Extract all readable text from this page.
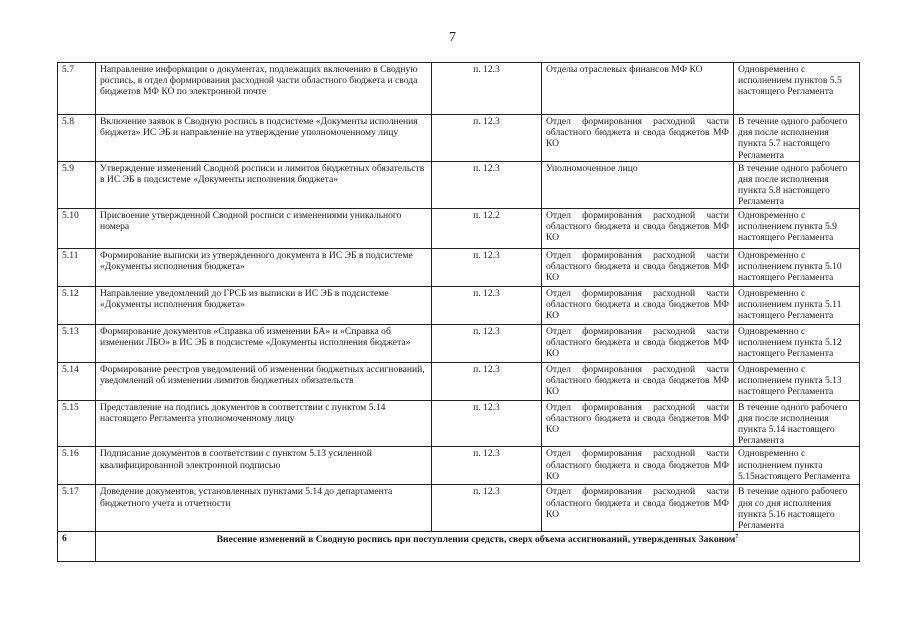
7
5.7	Направление информации о документах, подлежащих включению в Сводную роспись, в отдел формирования расходной части областного бюджета и свода бюджетов МФ КО по электронной почте	п. 12.3	Отделы отраслевых финансов МФ КО	Одновременно с исполнением пунктов 5.5 настоящего Регламента
5.8	Включение заявок в Сводную роспись в подсистеме «Документы исполнения бюджета» ИС ЭБ и направление на утверждение уполномоченному лицу	п. 12.3	Отдел формирования расходной части областного бюджета и свода бюджетов МФ КО	В течение одного рабочего дня после исполнения пункта 5.7 настоящего Регламента
5.9	Утверждение изменений Сводной росписи и лимитов бюджетных обязательств в ИС ЭБ в подсистеме «Документы исполнения бюджета»	п. 12.3	Уполномоченное лицо	В течение одного рабочего дня после исполнения пункта 5.8 настоящего Регламента
5.10	Присвоение утвержденной Сводной росписи с изменениями уникального номера	п. 12.2	Отдел формирования расходной части областного бюджета и свода бюджетов МФ КО	Одновременно с исполнением пункта 5.9 настоящего Регламента
5.11	Формирование выписки из утвержденного документа в ИС ЭБ в подсистеме «Документы исполнения бюджета»	п. 12.3	Отдел формирования расходной части областного бюджета и свода бюджетов МФ КО	Одновременно с исполнением пункта 5.10 настоящего Регламента
5.12	Направление уведомлений до ГРСБ из выписки в ИС ЭБ в подсистеме «Документы исполнения бюджета»	п. 12.3	Отдел формирования расходной части областного бюджета и свода бюджетов МФ КО	Одновременно с исполнением пункта 5.11 настоящего Регламента
5.13	Формирование документов «Справка об изменении БА» и «Справка об изменении ЛБО» в ИС ЭБ в подсистеме «Документы исполнения бюджета»	п. 12.3	Отдел формирования расходной части областного бюджета и свода бюджетов МФ КО	Одновременно с исполнением пункта 5.12 настоящего Регламента
5.14	Формирование реестров уведомлений об изменении бюджетных ассигнований, уведомлений об изменении лимитов бюджетных обязательств	п. 12.3	Отдел формирования расходной части областного бюджета и свода бюджетов МФ КО	Одновременно с исполнением пункта 5.13 настоящего Регламента
5.15	Представление на подпись документов в соответствии с пунктом 5.14 настоящего Регламента уполномоченному лицу	п. 12.3	Отдел формирования расходной части областного бюджета и свода бюджетов МФ КО	В течение одного рабочего дня после исполнения пункта 5.14 настоящего Регламента
5.16	Подписание документов в соответствии с пунктом 5.13 усиленной квалифицированной электронной подписью	п. 12.3	Отдел формирования расходной части областного бюджета и свода бюджетов МФ КО	Одновременно с исполнением пункта 5.15настоящего Регламента
5.17	Доведение документов, установленных пунктами 5.14 до департамента бюджетного учета и отчетности	п. 12.3	Отдел формирования расходной части областного бюджета и свода бюджетов МФ КО	В течение одного рабочего дня со дня исполнения пункта 5.16 настоящего Регламента
6	Внесение изменений в Сводную роспись при поступлении средств, сверх объема ассигнований, утвержденных Законом$^7$
